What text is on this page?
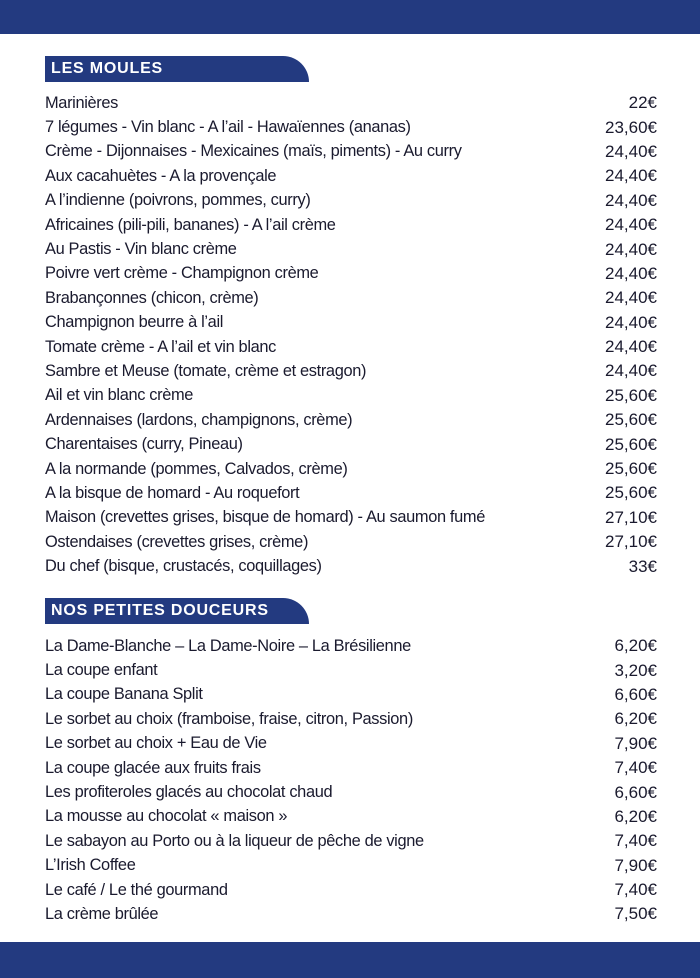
LES MOULES
Marinières	22€
7 légumes - Vin blanc - A l’ail - Hawaïennes (ananas)	23,60€
Crème - Dijonnaises - Mexicaines (maïs, piments) - Au curry	24,40€
Aux cacahuètes - A la provençale	24,40€
A l’indienne (poivrons, pommes, curry)	24,40€
Africaines (pili-pili, bananes) - A l’ail crème	24,40€
Au Pastis - Vin blanc crème	24,40€
Poivre vert crème - Champignon crème	24,40€
Brabançonnes (chicon, crème)	24,40€
Champignon beurre à l’ail	24,40€
Tomate crème - A l’ail et vin blanc	24,40€
Sambre et Meuse (tomate, crème et estragon)	24,40€
Ail et vin blanc crème	25,60€
Ardennaises (lardons, champignons, crème)	25,60€
Charentaises (curry, Pineau)	25,60€
A la normande (pommes, Calvados, crème)	25,60€
A la bisque de homard - Au roquefort	25,60€
Maison (crevettes grises, bisque de homard) - Au saumon fumé	27,10€
Ostendaises (crevettes grises, crème)	27,10€
Du chef (bisque, crustacés, coquillages)	33€
NOS PETITES DOUCEURS
La Dame-Blanche – La Dame-Noire – La Brésilienne	6,20€
La coupe enfant	3,20€
La coupe Banana Split	6,60€
Le sorbet au choix (framboise, fraise, citron, Passion)	6,20€
Le sorbet au choix + Eau de Vie	7,90€
La coupe glacée aux fruits frais	7,40€
Les profiteroles glacés au chocolat chaud	6,60€
La mousse au chocolat « maison »	6,20€
Le sabayon au Porto ou à la liqueur de pêche de vigne	7,40€
L’Irish Coffee	7,90€
Le café / Le thé gourmand	7,40€
La crème brûlée	7,50€
